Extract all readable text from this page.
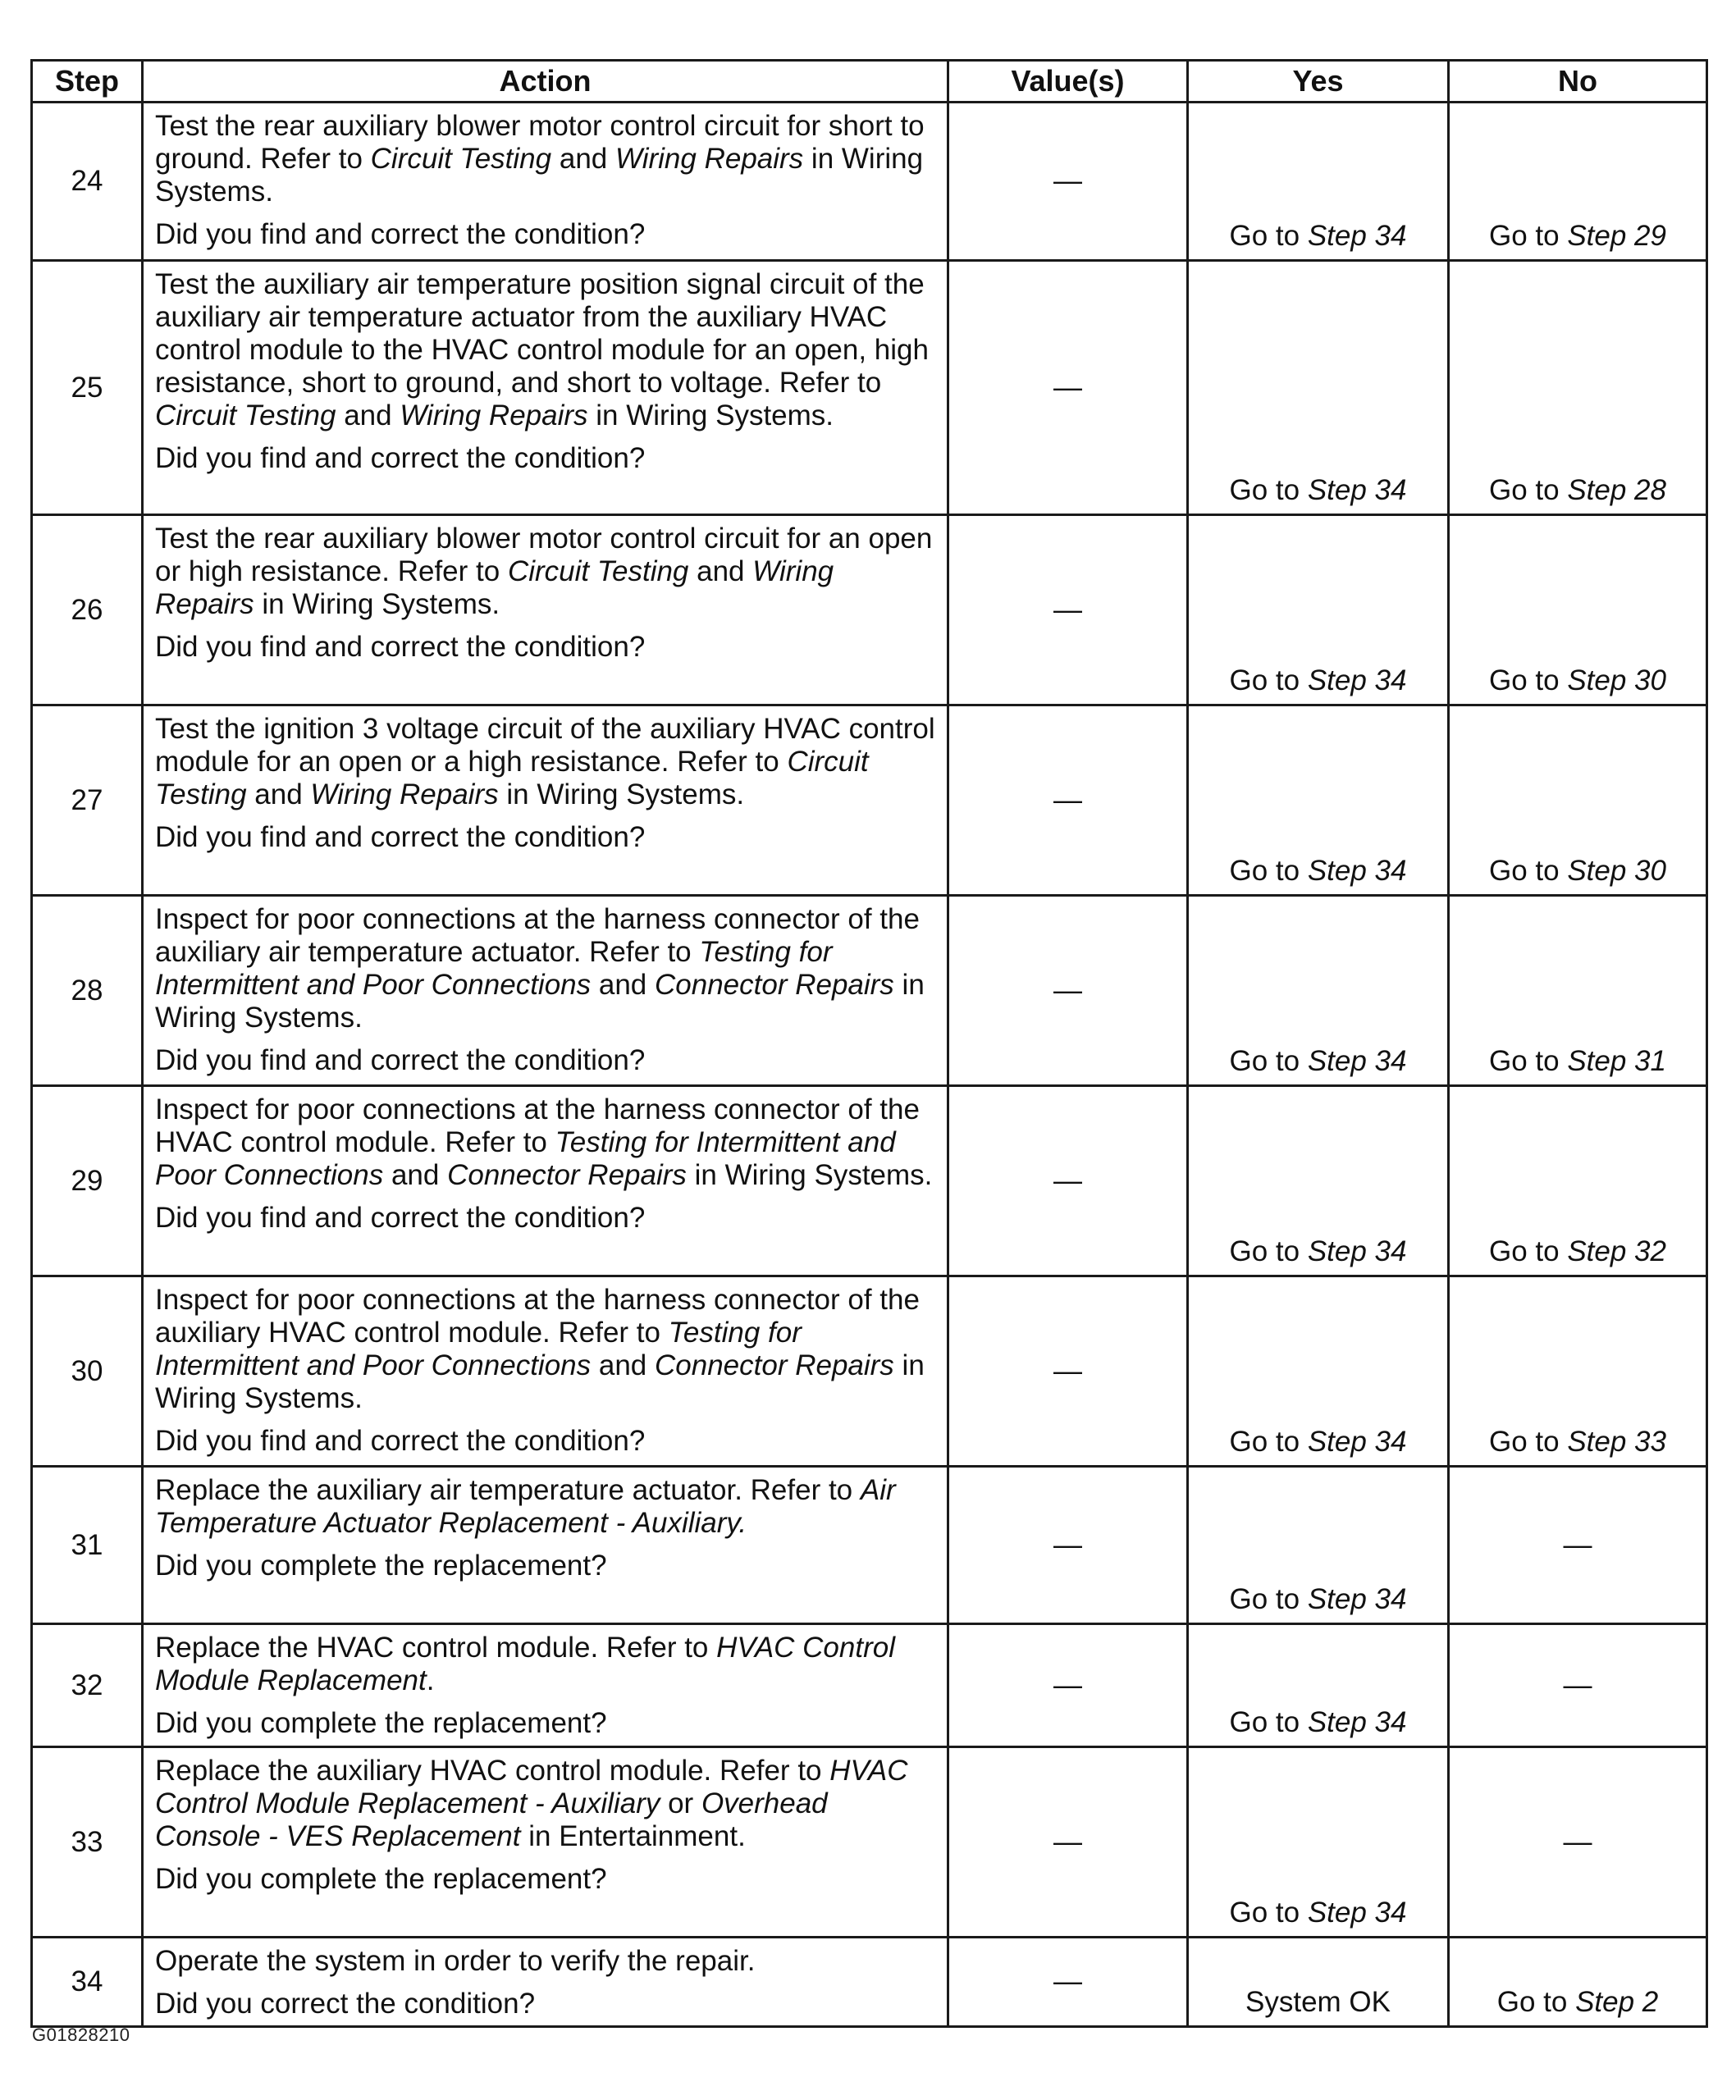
Step	Action	Value(s)	Yes	No
24	Test the rear auxiliary blower motor control circuit for short to ground. Refer to Circuit Testing and Wiring Repairs in Wiring Systems.
Did you find and correct the condition?	—	Go to Step 34	Go to Step 29
25	Test the auxiliary air temperature position signal circuit of the auxiliary air temperature actuator from the auxiliary HVAC control module to the HVAC control module for an open, high resistance, short to ground, and short to voltage. Refer to Circuit Testing and Wiring Repairs in Wiring Systems.
Did you find and correct the condition?	—	Go to Step 34	Go to Step 28
26	Test the rear auxiliary blower motor control circuit for an open or high resistance. Refer to Circuit Testing and Wiring Repairs in Wiring Systems.
Did you find and correct the condition?	—	Go to Step 34	Go to Step 30
27	Test the ignition 3 voltage circuit of the auxiliary HVAC control module for an open or a high resistance. Refer to Circuit Testing and Wiring Repairs in Wiring Systems.
Did you find and correct the condition?	—	Go to Step 34	Go to Step 30
28	Inspect for poor connections at the harness connector of the auxiliary air temperature actuator. Refer to Testing for Intermittent and Poor Connections and Connector Repairs in Wiring Systems.
Did you find and correct the condition?	—	Go to Step 34	Go to Step 31
29	Inspect for poor connections at the harness connector of the HVAC control module. Refer to Testing for Intermittent and Poor Connections and Connector Repairs in Wiring Systems.
Did you find and correct the condition?	—	Go to Step 34	Go to Step 32
30	Inspect for poor connections at the harness connector of the auxiliary HVAC control module. Refer to Testing for Intermittent and Poor Connections and Connector Repairs in Wiring Systems.
Did you find and correct the condition?	—	Go to Step 34	Go to Step 33
31	Replace the auxiliary air temperature actuator. Refer to Air Temperature Actuator Replacement - Auxiliary.
Did you complete the replacement?	—	Go to Step 34	—
32	Replace the HVAC control module. Refer to HVAC Control Module Replacement.
Did you complete the replacement?	—	Go to Step 34	—
33	Replace the auxiliary HVAC control module. Refer to HVAC Control Module Replacement - Auxiliary or Overhead Console - VES Replacement in Entertainment.
Did you complete the replacement?	—	Go to Step 34	—
34	Operate the system in order to verify the repair.
Did you correct the condition?	—	System OK	Go to Step 2
G01828210
